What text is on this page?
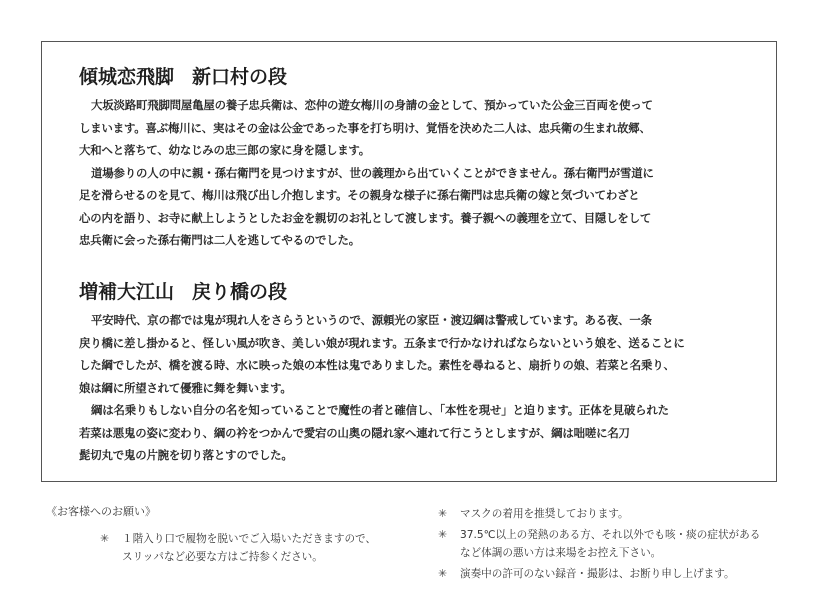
傾城恋飛脚 新口村の段
大坂淡路町飛脚問屋亀屋の養子忠兵衛は、恋仲の遊女梅川の身請の金として、預かっていた公金三百両を使って
しまいます。喜ぶ梅川に、実はその金は公金であった事を打ち明け、覚悟を決めた二人は、忠兵衛の生まれ故郷、
大和へと落ちて、幼なじみの忠三郎の家に身を隠します。
道場参りの人の中に親・孫右衛門を見つけますが、世の義理から出ていくことができません。孫右衛門が雪道に
足を滑らせるのを見て、梅川は飛び出し介抱します。その親身な様子に孫右衛門は忠兵衛の嫁と気づいてわざと
心の内を語り、お寺に献上しようとしたお金を親切のお礼として渡します。養子親への義理を立て、目隠しをして
忠兵衛に会った孫右衛門は二人を逃してやるのでした。
増補大江山 戻り橋の段
平安時代、京の都では鬼が現れ人をさらうというので、源頼光の家臣・渡辺綱は警戒しています。ある夜、一条
戻り橋に差し掛かると、怪しい風が吹き、美しい娘が現れます。五条まで行かなければならないという娘を、送ることに
した綱でしたが、橋を渡る時、水に映った娘の本性は鬼でありました。素性を尋ねると、扇折りの娘、若菜と名乗り、
娘は綱に所望されて優雅に舞を舞います。
綱は名乗りもしない自分の名を知っていることで魔性の者と確信し、「本性を現せ」と迫ります。正体を見破られた
若菜は悪鬼の姿に変わり、綱の衿をつかんで愛宕の山奥の隠れ家へ連れて行こうとしますが、綱は咄嗟に名刀
髭切丸で鬼の片腕を切り落とすのでした。
《お客様へのお願い》
✳	１階入り口で履物を脱いでご入場いただきますので、
スリッパなど必要な方はご持参ください。
✳	マスクの着用を推奨しております。
✳	37.5℃以上の発熱のある方、それ以外でも咳・痰の症状がある
など体調の悪い方は来場をお控え下さい。
✳	演奏中の許可のない録音・撮影は、お断り申し上げます。
